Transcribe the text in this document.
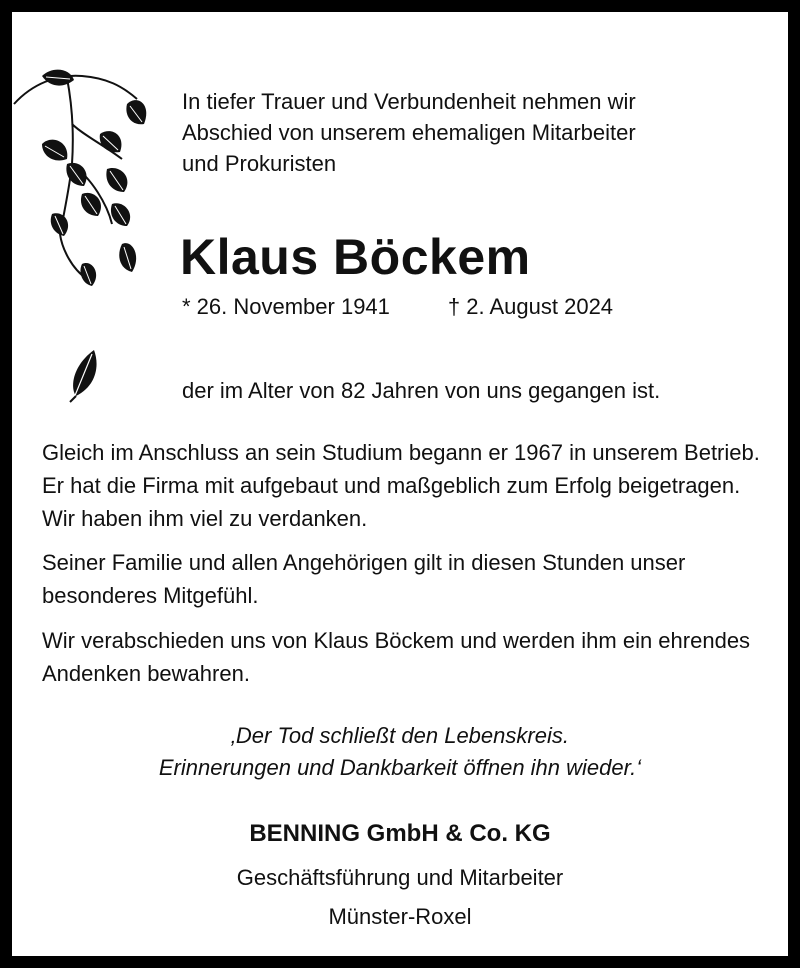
In tiefer Trauer und Verbundenheit nehmen wir
Abschied von unserem ehemaligen Mitarbeiter
und Prokuristen
Klaus Böckem
* 26. November 1941	† 2. August 2024
der im Alter von 82 Jahren von uns gegangen ist.

Gleich im Anschluss an sein Studium begann er 1967 in unserem Betrieb. Er hat die Firma mit aufgebaut und maßgeblich zum Erfolg beigetragen. Wir haben ihm viel zu verdanken.

Seiner Familie und allen Angehörigen gilt in diesen Stunden unser besonderes Mitgefühl.

Wir verabschieden uns von Klaus Böckem und werden ihm ein ehrendes Andenken bewahren.

‚Der Tod schließt den Lebenskreis.
Erinnerungen und Dankbarkeit öffnen ihn wieder.‘
BENNING GmbH & Co. KG
Geschäftsführung und Mitarbeiter
Münster-Roxel
